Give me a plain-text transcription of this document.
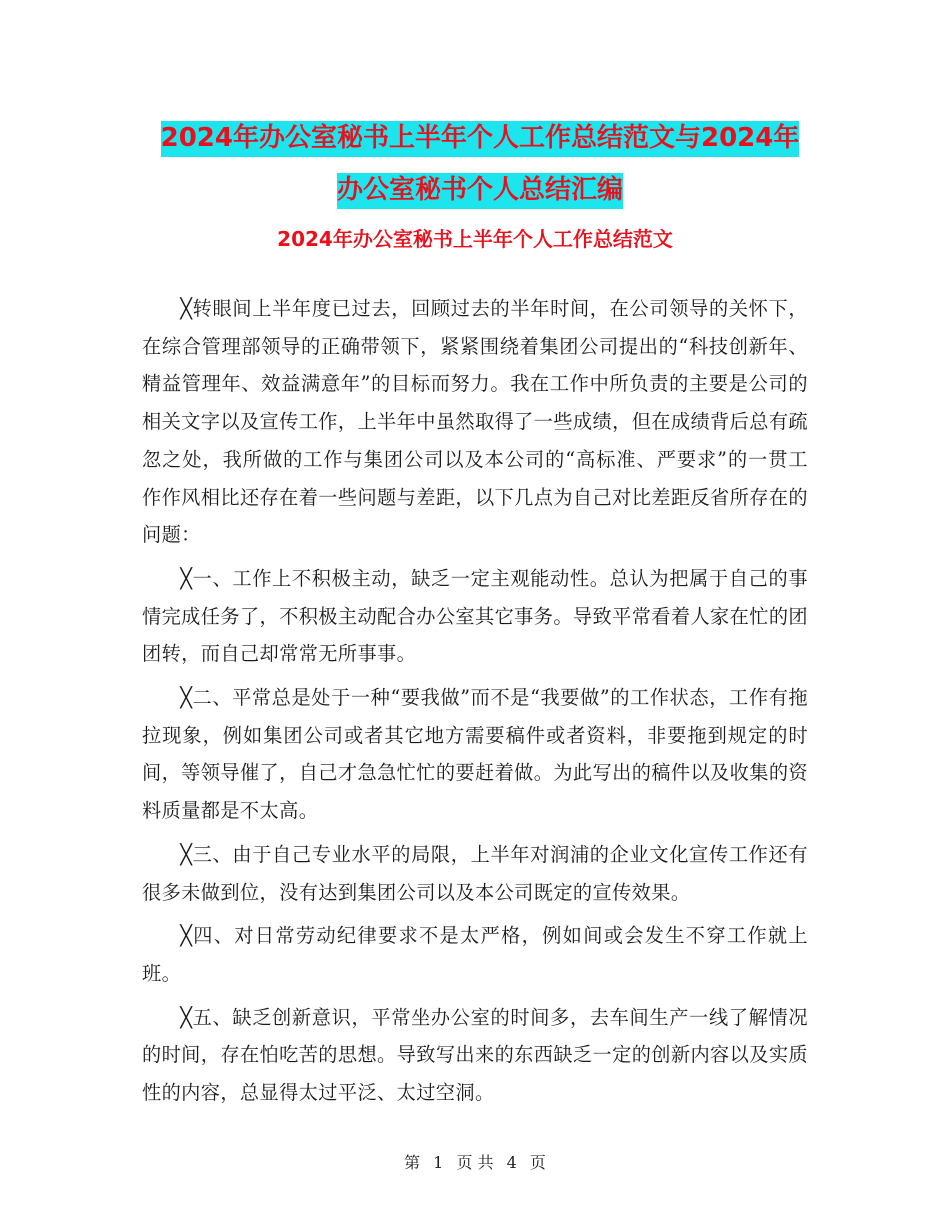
2024年办公室秘书上半年个人工作总结范文与2024年
办公室秘书个人总结汇编
2024年办公室秘书上半年个人工作总结范文

╳转眼间上半年度已过去，回顾过去的半年时间，在公司领导的关怀下，在综合管理部领导的正确带领下，紧紧围绕着集团公司提出的“科技创新年、精益管理年、效益满意年”的目标而努力。我在工作中所负责的主要是公司的相关文字以及宣传工作，上半年中虽然取得了一些成绩，但在成绩背后总有疏忽之处，我所做的工作与集团公司以及本公司的“高标准、严要求”的一贯工作作风相比还存在着一些问题与差距，以下几点为自己对比差距反省所存在的问题：

╳一、工作上不积极主动，缺乏一定主观能动性。总认为把属于自己的事情完成任务了，不积极主动配合办公室其它事务。导致平常看着人家在忙的团团转，而自己却常常无所事事。

╳二、平常总是处于一种“要我做”而不是“我要做”的工作状态，工作有拖拉现象，例如集团公司或者其它地方需要稿件或者资料，非要拖到规定的时间，等领导催了，自己才急急忙忙的要赶着做。为此写出的稿件以及收集的资料质量都是不太高。

╳三、由于自己专业水平的局限，上半年对润浦的企业文化宣传工作还有很多未做到位，没有达到集团公司以及本公司既定的宣传效果。

╳四、对日常劳动纪律要求不是太严格，例如间或会发生不穿工作就上班。

╳五、缺乏创新意识，平常坐办公室的时间多，去车间生产一线了解情况的时间，存在怕吃苦的思想。导致写出来的东西缺乏一定的创新内容以及实质性的内容，总显得太过平泛、太过空洞。

第 1 页 共 4 页
